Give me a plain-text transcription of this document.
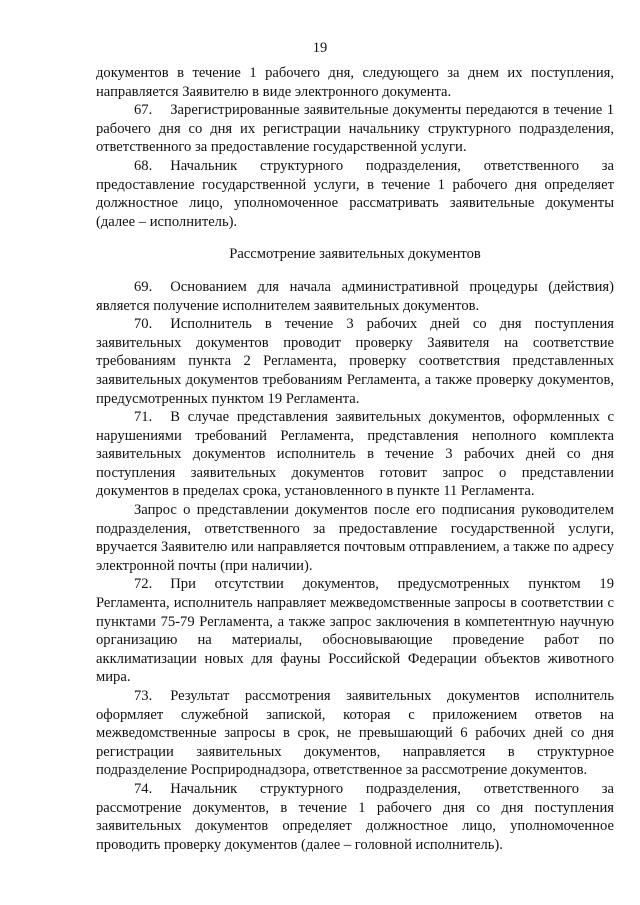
19

документов в течение 1 рабочего дня, следующего за днем их поступления, направляется Заявителю в виде электронного документа.

67. Зарегистрированные заявительные документы передаются в течение 1 рабочего дня со дня их регистрации начальнику структурного подразделения, ответственного за предоставление государственной услуги.

68. Начальник структурного подразделения, ответственного за предоставление государственной услуги, в течение 1 рабочего дня определяет должностное лицо, уполномоченное рассматривать заявительные документы (далее – исполнитель).

Рассмотрение заявительных документов

69. Основанием для начала административной процедуры (действия) является получение исполнителем заявительных документов.

70. Исполнитель в течение 3 рабочих дней со дня поступления заявительных документов проводит проверку Заявителя на соответствие требованиям пункта 2 Регламента, проверку соответствия представленных заявительных документов требованиям Регламента, а также проверку документов, предусмотренных пунктом 19 Регламента.

71. В случае представления заявительных документов, оформленных с нарушениями требований Регламента, представления неполного комплекта заявительных документов исполнитель в течение 3 рабочих дней со дня поступления заявительных документов готовит запрос о представлении документов в пределах срока, установленного в пункте 11 Регламента.

Запрос о представлении документов после его подписания руководителем подразделения, ответственного за предоставление государственной услуги, вручается Заявителю или направляется почтовым отправлением, а также по адресу электронной почты (при наличии).

72. При отсутствии документов, предусмотренных пунктом 19 Регламента, исполнитель направляет межведомственные запросы в соответствии с пунктами 75-79 Регламента, а также запрос заключения в компетентную научную организацию на материалы, обосновывающие проведение работ по акклиматизации новых для фауны Российской Федерации объектов животного мира.

73. Результат рассмотрения заявительных документов исполнитель оформляет служебной запиской, которая с приложением ответов на межведомственные запросы в срок, не превышающий 6 рабочих дней со дня регистрации заявительных документов, направляется в структурное подразделение Росприроднадзора, ответственное за рассмотрение документов.

74. Начальник структурного подразделения, ответственного за рассмотрение документов, в течение 1 рабочего дня со дня поступления заявительных документов определяет должностное лицо, уполномоченное проводить проверку документов (далее – головной исполнитель).
